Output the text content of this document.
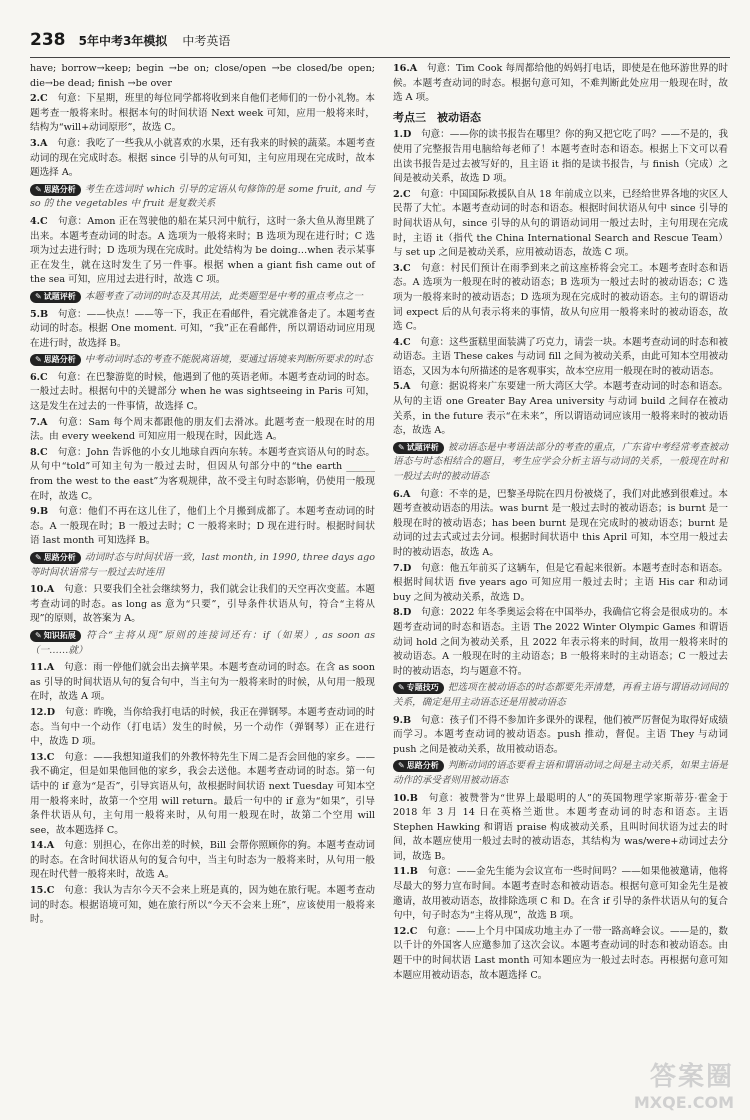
238 5年中考3年模拟 中考英语
have; borrow→keep; begin →be on; close/open →be closed/be open; die→be dead; finish →be over
2.C　 句意：下星期，班里的每位同学都将收到来自他们老师们的一份小礼物。本题考查一般将来时。根据本句的时间状语 Next week 可知，应用一般将来时，结构为“will+动词原形”，故选 C。
3.A　 句意：我吃了一些我从小就喜欢的水果，还有我来的时候的蔬菜。本题考查动词的现在完成时态。根据 since 引导的从句可知，主句应用现在完成时，故本题选择 A。
✎ 思路分析 考生在选词时 which 引导的定语从句修饰的是 some fruit, and 与 so 的 the vegetables 中 fruit 是复数关系
4.C　 句意：Amon 正在驾驶他的船在某只河中航行，这时一条大鱼从海里跳了出来。本题考查动词的时态。A 选项为一般将来时；B 选项为现在进行时；C 选项为过去进行时；D 选项为现在完成时。此处结构为 be doing…when 表示某事正在发生，就在这时发生了另一件事。根据 when a giant fish came out of the sea 可知，应用过去进行时，故选 C 项。
✎ 试题评析 本题考查了动词的时态及其用法，此类题型是中考的重点考点之一
5.B　 句意：——快点！——等一下，我正在看邮件，看完就准备走了。本题考查动词的时态。根据 One moment. 可知，“我”正在看邮件，所以谓语动词应用现在进行时，故选择 B。
✎ 思路分析 中考动词时态的考查不能脱离语境，要通过语境来判断所要求的时态
6.C　 句意：在巴黎游览的时候，他遇到了他的英语老师。本题考查动词的时态。一般过去时。根据句中的关键部分 when he was sightseeing in Paris 可知，这是发生在过去的一件事情，故选择 C。
7.A　 句意：Sam 每个周末都跟他的朋友们去滑冰。此题考查一般现在时的用法。由 every weekend 可知应用一般现在时，因此选 A。
8.C　 句意：John 告诉他的小女儿地球自西向东转。本题考查宾语从句的时态。从句中“told”可知主句为一般过去时，但因从句部分中的“the earth ______ from the west to the east”为客观规律，故不受主句时态影响，仍使用一般现在时，故选 C。
9.B　 句意：他们不再在这儿住了，他们上个月搬到成都了。本题考查动词的时态。A 一般现在时；B 一般过去时；C 一般将来时；D 现在进行时。根据时间状语 last month 可知选择 B。
✎ 思路分析 动词时态与时间状语一致，last month, in 1990, three days ago 等时间状语常与一般过去时连用
10.A　 句意：只要我们全社会继续努力，我们就会让我们的天空再次变蓝。本题考查动词的时态。as long as 意为“只要”，引导条件状语从句，符合“主将从现”的原则，故答案为 A。
✎ 知识拓展 符合“主将从现”原则的连接词还有：if（如果）, as soon as（一……就）
11.A　 句意：雨一停他们就会出去摘苹果。本题考查动词的时态。在含 as soon as 引导的时间状语从句的复合句中，当主句为一般将来时的时候，从句用一般现在时，故选 A 项。
12.D　 句意：昨晚，当你给我打电话的时候，我正在弹钢琴。本题考查动词的时态。当句中一个动作（打电话）发生的时候，另一个动作（弹钢琴）正在进行中，故选 D 项。
13.C　 句意：——我想知道我们的外教怀特先生下周二是否会回他的家乡。——我不确定，但是如果他回他的家乡，我会去送他。本题考查动词的时态。第一句话中的 if 意为“是否”，引导宾语从句，故根据时间状语 next Tuesday 可知本空用一般将来时，故第一个空用 will return。最后一句中的 if 意为“如果”，引导条件状语从句，主句用一般将来时，从句用一般现在时，故第二个空用 will see，故本题选择 C。
14.A　 句意：别担心，在你出差的时候，Bill 会帮你照顾你的狗。本题考查动词的时态。在含时间状语从句的复合句中，当主句时态为一般将来时，从句用一般现在时代替一般将来时，故选 A。
15.C　 句意：我认为吉尔今天不会来上班是真的，因为她在旅行呢。本题考查动词的时态。根据语境可知，她在旅行所以“今天不会来上班”，应该使用一般将来时。
16.A　 句意：Tim Cook 每周都给他的妈妈打电话，即使是在他环游世界的时候。本题考查动词的时态。根据句意可知，不难判断此处应用一般现在时，故选 A 项。
考点三　被动语态
1.D　 句意：——你的读书报告在哪里？你的狗又把它吃了吗？——不是的，我使用了完整报告用电脑给每老师了！本题考查时态和语态。根据上下文可以看出读书报告是过去被写好的，且主语 it 指的是读书报告，与 finish（完成）之间是被动关系，故选 D 项。
2.C　 句意：中国国际救援队自从 18 年前成立以来，已经给世界各地的灾区人民帮了大忙。本题考查动词的时态和语态。根据时间状语从句中 since 引导的时间状语从句，since 引导的从句的谓语动词用一般过去时，主句用现在完成时，主语 it（指代 the China International Search and Rescue Team）与 set up 之间是被动关系，应用被动语态，故选 C 项。
3.C　 句意：村民们预计在雨季到来之前这座桥将会完工。本题考查时态和语态。A 选项为一般现在时的被动语态；B 选项为一般过去时的被动语态；C 选项为一般将来时的被动语态；D 选项为现在完成时的被动语态。主句的谓语动词 expect 后的从句表示将来的事情，故从句应用一般将来时的被动语态，故选 C。
4.C　 句意：这些蛋糕里面装满了巧克力，请尝一块。本题考查动词的时态和被动语态。主语 These cakes 与动词 fill 之间为被动关系，由此可知本空用被动语态，又因为本句所描述的是客观事实，故本空应用一般现在时的被动语态。
5.A　 句意：据说将来广东要建一所大湾区大学。本题考查动词的时态和语态。从句的主语 one Greater Bay Area university 与动词 build 之间存在被动关系，in the future 表示“在未来”，所以谓语动词应该用一般将来时的被动语态，故选 A。
✎ 试题评析 被动语态是中考语法部分的考查的重点，广东省中考经常考查被动语态与时态相结合的题目，考生应学会分析主语与动词的关系，一般现在时和一般过去时的被动语态
6.A　 句意：不幸的是，巴黎圣母院在四月份被烧了，我们对此感到很难过。本题考查被动语态的用法。was burnt 是一般过去时的被动语态；is burnt 是一般现在时的被动语态；has been burnt 是现在完成时的被动语态；burnt 是动词的过去式或过去分词。根据时间状语中 this April 可知，本空用一般过去时的被动语态，故选 A。
7.D　 句意：他五年前买了这辆车，但是它看起来很新。本题考查时态和语态。根据时间状语 five years ago 可知应用一般过去时；主语 His car 和动词 buy 之间为被动关系，故选 D。
8.D　 句意：2022 年冬季奥运会将在中国举办，我确信它将会是很成功的。本题考查动词的时态和语态。主语 The 2022 Winter Olympic Games 和谓语动词 hold 之间为被动关系，且 2022 年表示将来的时间，故用一般将来时的被动语态。A 一般现在时的主动语态；B 一般将来时的主动语态；C 一般过去时的被动语态，均与题意不符。
✎ 专题技巧 把选项在被动语态的时态都要先弄清楚，再看主语与谓语动词间的关系，确定是用主动语态还是用被动语态
9.B　 句意：孩子们不得不参加许多课外的课程，他们被严厉督促为取得好成绩而学习。本题考查动词的被动语态。push 推动，督促。主语 They 与动词 push 之间是被动关系，故用被动语态。
✎ 思路分析 判断动词的语态要看主语和谓语动词之间是主动关系，如果主语是动作的承受者则用被动语态
10.B　 句意：被赞誉为“世界上最聪明的人”的英国物理学家斯蒂芬·霍金于 2018 年 3 月 14 日在英格兰逝世。本题考查动词的时态和语态。主语 Stephen Hawking 和谓语 praise 构成被动关系，且叫时间状语为过去的时间，故本题应使用一般过去时的被动语态，其结构为 was/were+动词过去分词，故选 B。
11.B　 句意：——金先生能为会议宣布一些时间吗？——如果他被邀请，他将尽最大的努力宣布时间。本题考查时态和被动语态。根据句意可知金先生是被邀请，故用被动语态，故排除选项 C 和 D。在含 if 引导的条件状语从句的复合句中，句子时态为“主将从现”，故选 B 项。
12.C　 句意：——上个月中国成功地主办了一带一路高峰会议。——是的，数以千计的外国客人应邀参加了这次会议。本题考查动词的时态和被动语态。由题干中的时间状语 Last month 可知本题应为一般过去时态。再根据句意可知本题应用被动语态，故本题选择 C。
答案圈
MXQE.COM
